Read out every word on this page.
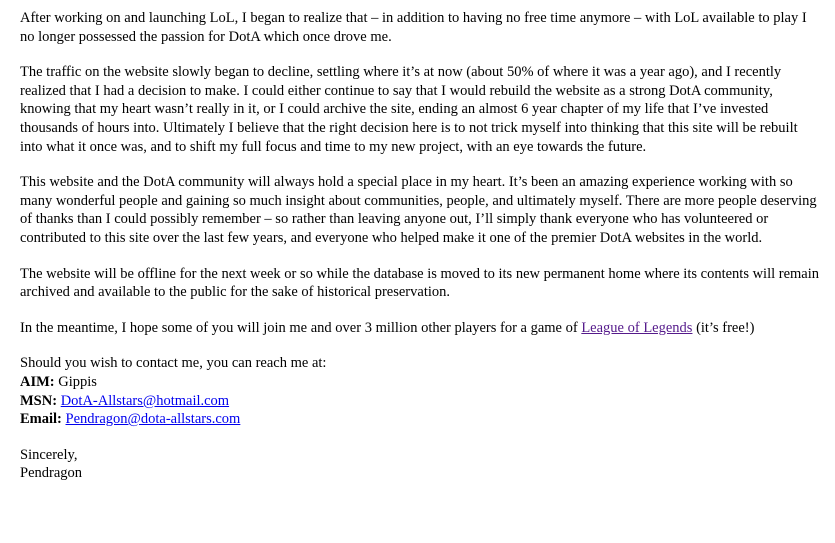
After working on and launching LoL, I began to realize that – in addition to having no free time anymore – with LoL available to play I no longer possessed the passion for DotA which once drove me.

The traffic on the website slowly began to decline, settling where it’s at now (about 50% of where it was a year ago), and I recently realized that I had a decision to make. I could either continue to say that I would rebuild the website as a strong DotA community, knowing that my heart wasn’t really in it, or I could archive the site, ending an almost 6 year chapter of my life that I’ve invested thousands of hours into. Ultimately I believe that the right decision here is to not trick myself into thinking that this site will be rebuilt into what it once was, and to shift my full focus and time to my new project, with an eye towards the future.

This website and the DotA community will always hold a special place in my heart. It’s been an amazing experience working with so many wonderful people and gaining so much insight about communities, people, and ultimately myself. There are more people deserving of thanks than I could possibly remember – so rather than leaving anyone out, I’ll simply thank everyone who has volunteered or contributed to this site over the last few years, and everyone who helped make it one of the premier DotA websites in the world.

The website will be offline for the next week or so while the database is moved to its new permanent home where its contents will remain archived and available to the public for the sake of historical preservation.

In the meantime, I hope some of you will join me and over 3 million other players for a game of League of Legends (it’s free!)

Should you wish to contact me, you can reach me at:
AIM: Gippis
MSN: DotA-Allstars@hotmail.com
Email: Pendragon@dota-allstars.com
Sincerely,
Pendragon
